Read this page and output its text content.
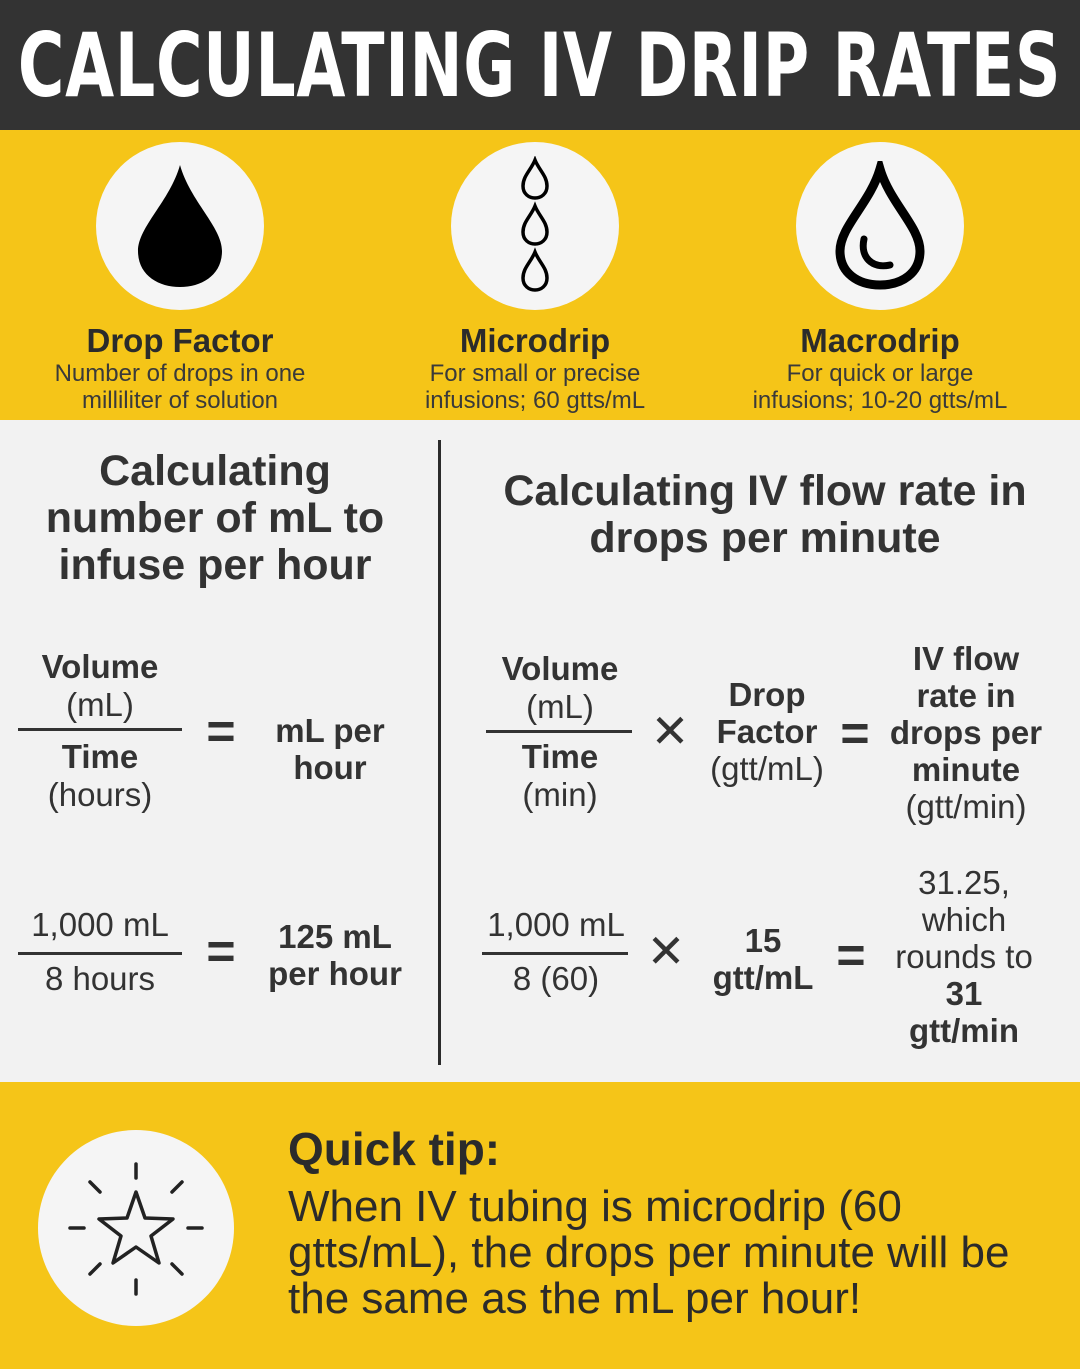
CALCULATING IV DRIP RATES
Drop Factor
Number of drops in one
milliliter of solution
Microdrip
For small or precise
infusions; 60 gtts/mL
Macrodrip
For quick or large
infusions; 10-20 gtts/mL
Calculating
number of mL to
infuse per hour
Volume
(mL)
Time
(hours)
=	mL per
hour
1,000 mL
8 hours	=	125 mL
per hour
Calculating IV flow rate in
drops per minute
Volume
(mL)
Time
(min)
✕
Drop
Factor
(gtt/mL)
=
IV flow
rate in
drops per
minute
(gtt/min)
1,000 mL
8 (60)
✕	15
gtt/mL =
31.25,
which
rounds to
31
gtt/min
Quick tip:
When IV tubing is microdrip (60
gtts/mL), the drops per minute will be
the same as the mL per hour!
